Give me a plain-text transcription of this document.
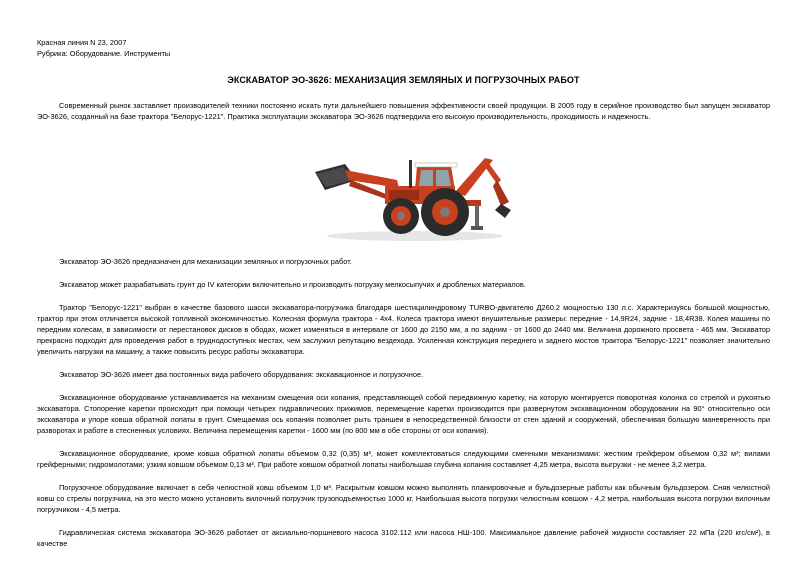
Красная линия N 23, 2007
Рубрика: Оборудование. Инструменты
ЭКСКАВАТОР ЭО-3626: МЕХАНИЗАЦИЯ ЗЕМЛЯНЫХ И ПОГРУЗОЧНЫХ РАБОТ

Современный рынок заставляет производителей техники постоянно искать пути дальнейшего повышения эффективности своей продукции. В 2005 году в серийное производство был запущен экскаватор ЭО-3626, созданный на базе трактора "Белорус-1221". Практика эксплуатации экскаватора ЭО-3626 подтвердила его высокую производительность, проходимость и надежность.

Экскаватор ЭО-3626 предназначен для механизации земляных и погрузочных работ.

Экскаватор может разрабатывать грунт до IV категории включительно и производить погрузку мелкосыпучих и дробленых материалов.

Трактор "Белорус-1221" выбран в качестве базового шасси экскаватора-погрузчика благодаря шестицилиндровому TURBO-двигателю Д260.2 мощностью 130 л.с. Характеризуясь большой мощностью, трактор при этом отличается высокой топливной экономичностью. Колесная формула трактора - 4х4. Колеса трактора имеют внушительные размеры: передние - 14,9R24, задние - 18,4R38. Колея машины по передним колесам, в зависимости от перестановок дисков в ободах, может изменяться в интервале от 1600 до 2150 мм, а по задним - от 1600 до 2440 мм. Величина дорожного просвета - 465 мм. Экскаватор прекрасно подходит для проведения работ в труднодоступных местах, чем заслужил репутацию вездехода. Усиленная конструкция переднего и заднего мостов трактора "Белорус-1221" позволяет значительно увеличить нагрузки на машину, а также повысить ресурс работы экскаватора.

Экскаватор ЭО-3626 имеет два постоянных вида рабочего оборудования: экскавационное и погрузочное.

Экскавационное оборудование устанавливается на механизм смещения оси копания, представляющей собой передвижную каретку, на которую монтируется поворотная колонка со стрелой и рукоятью экскаватора. Стопорение каретки происходит при помощи четырех гидравлических прижимов, перемещение каретки производится при развернутом экскавационном оборудовании на 90° относительно оси экскаватора и упоре ковша обратной лопаты в грунт. Смещаемая ось копания позволяет рыть траншеи в непосредственной близости от стен зданий и сооружений, обеспечивая большую маневренность при разворотах и работе в стесненных условиях. Величина перемещения каретки - 1600 мм (по 800 мм в обе стороны от оси копания).

Экскавационное оборудование, кроме ковша обратной лопаты объемом 0,32 (0,35) м³, может комплектоваться следующими сменными механизмами: жестким грейфером объемом 0,32 м³; вилами грейферными; гидромолотами; узким ковшом объемом 0,13 м³. При работе ковшом обратной лопаты наибольшая глубина копания составляет 4,25 метра, высота выгрузки - не менее 3,2 метра.

Погрузочное оборудование включает в себя челюстной ковш объемом 1,0 м³. Раскрытым ковшом можно выполнять планировочные и бульдозерные работы как обычным бульдозером. Сняв челюстной ковш со стрелы погрузчика, на это место можно установить вилочный погрузчик грузоподъемностью 1000 кг. Наибольшая высота погрузки челюстным ковшом - 4,2 метра, наибольшая высота погрузки вилочным погрузчиком - 4,5 метра.

Гидравлическая система экскаватора ЭО-3626 работает от аксиально-поршневого насоса 3102.112 или насоса НШ-100. Максимальное давление рабочей жидкости составляет 22 мПа (220 кгс/см²), в качестве
